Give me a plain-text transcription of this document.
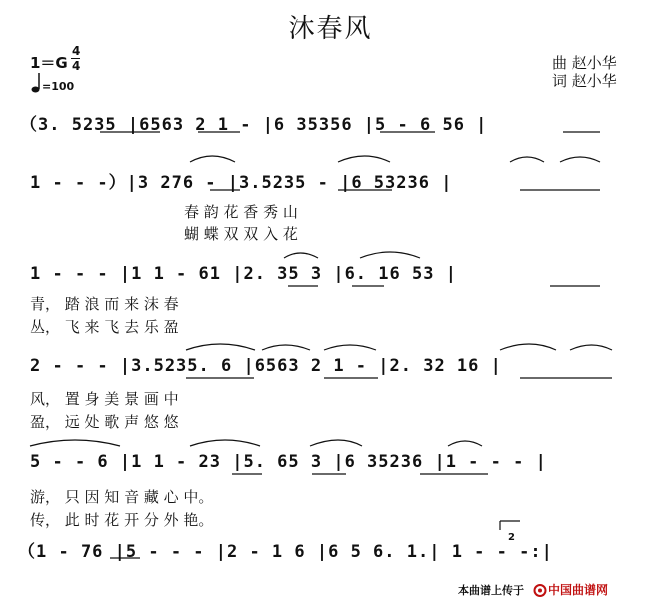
沐春风
1＝G
4
4
=100
曲 赵小华
词 赵小华
（3. 5235 |6563 2 1 - |6 35356 |5 - 6 56 |
1 - - -）|3 276 - |3.5235 - |6 53236 |
1 - - - |1 1 - 61 |2. 35 3 |6. 16 53 |
2 - - - |3.5235. 6 |6563 2 1 - |2. 32 16 |
5 - - 6 |1 1 - 23 |5. 65 3 |6 35236 |1 - - - |
（1 - 76 |5 - - - |2 - 1 6 |6 5 6. 1.| 1 - - -:|
春 韵 花 香 秀 山
蝴 蝶 双 双 入 花
青， 踏 浪 而 来 沫 春
丛， 飞 来 飞 去 乐 盈
风， 置 身 美 景 画 中
盈， 远 处 歌 声 悠 悠
游， 只 因 知 音 藏 心 中。
传， 此 时 花 开 分 外 艳。
2
本曲谱上传于 中国曲谱网
